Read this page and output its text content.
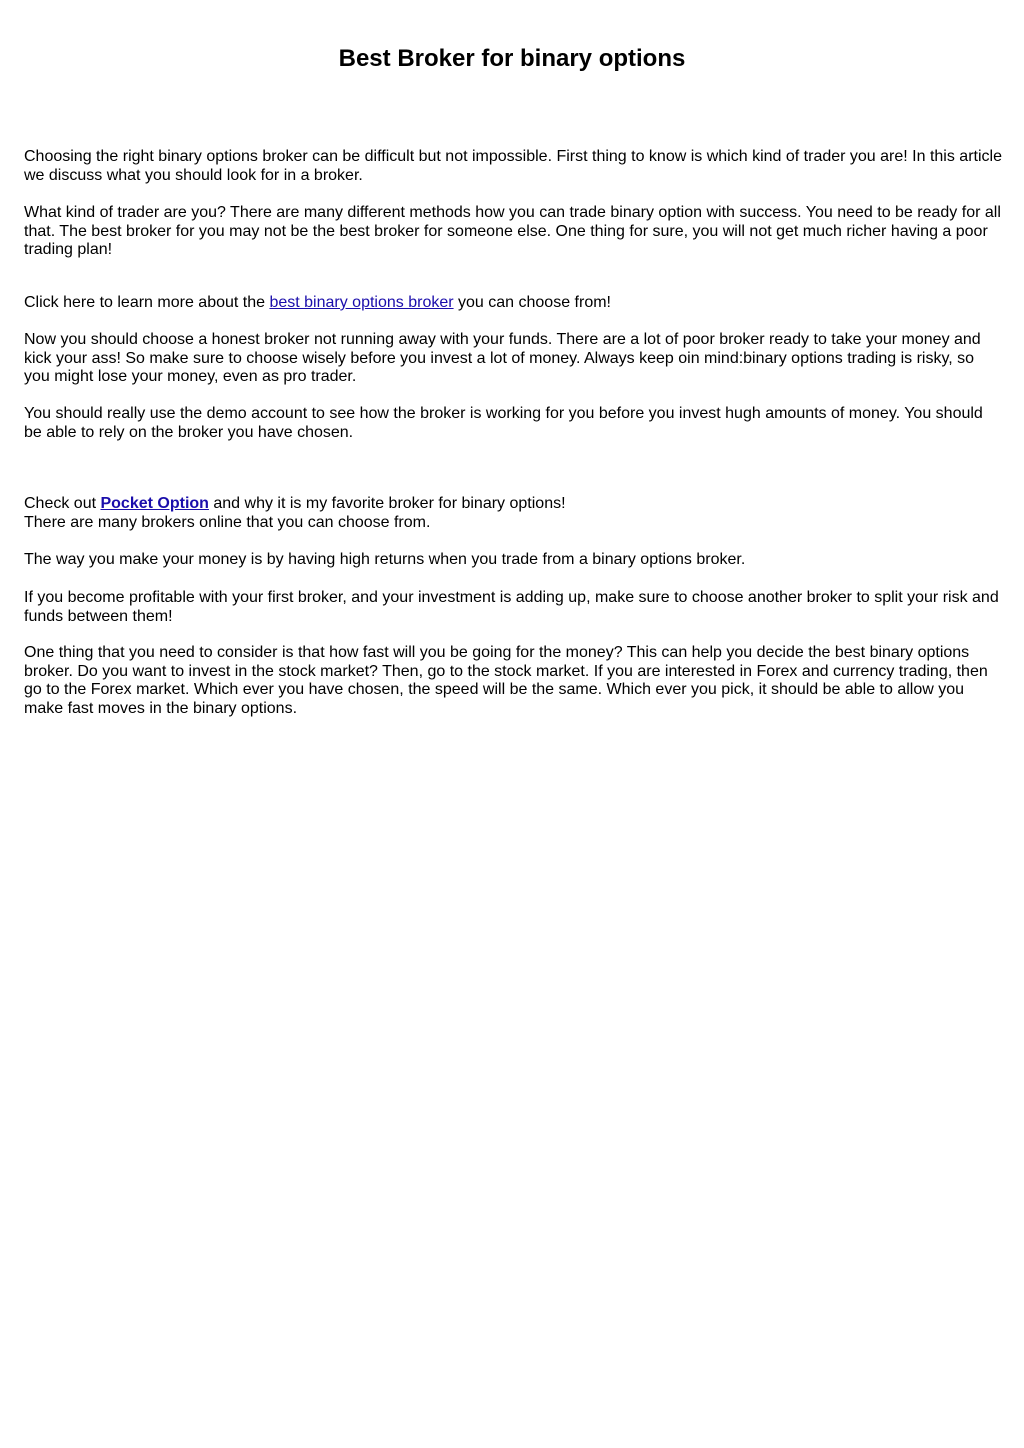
Best Broker for binary options

Choosing the right binary options broker can be difficult but not impossible. First thing to know is which kind of trader you are! In this article we discuss what you should look for in a broker.

What kind of trader are you? There are many different methods how you can trade binary option with success. You need to be ready for all that. The best broker for you may not be the best broker for someone else. One thing for sure, you will not get much richer having a poor trading plan!

Click here to learn more about the best binary options broker you can choose from!

Now you should choose a honest broker not running away with your funds. There are a lot of poor broker ready to take your money and kick your ass! So make sure to choose wisely before you invest a lot of money. Always keep oin mind:binary options trading is risky, so you might lose your money, even as pro trader.

You should really use the demo account to see how the broker is working for you before you invest hugh amounts of money. You should be able to rely on the broker you have chosen.

Check out Pocket Option and why it is my favorite broker for binary options!
There are many brokers online that you can choose from.

The way you make your money is by having high returns when you trade from a binary options broker.

If you become profitable with your first broker, and your investment is adding up, make sure to choose another broker to split your risk and funds between them!

One thing that you need to consider is that how fast will you be going for the money? This can help you decide the best binary options broker. Do you want to invest in the stock market? Then, go to the stock market. If you are interested in Forex and currency trading, then go to the Forex market. Which ever you have chosen, the speed will be the same. Which ever you pick, it should be able to allow you make fast moves in the binary options.
